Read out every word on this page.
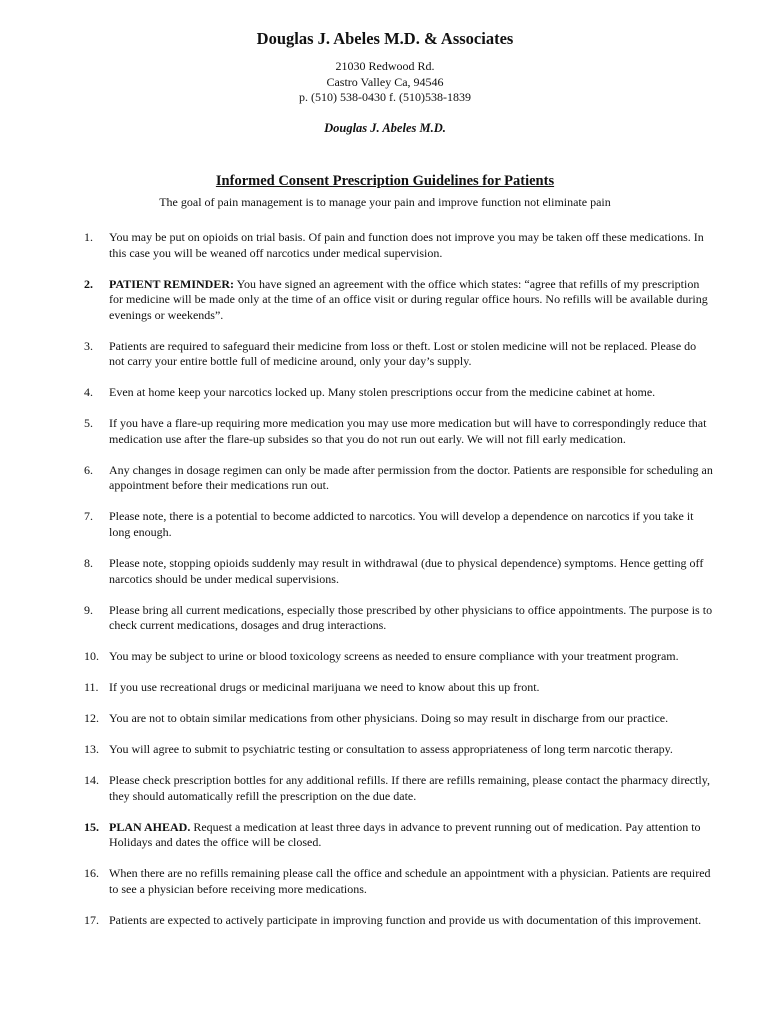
Douglas J. Abeles M.D. & Associates
21030 Redwood Rd.
Castro Valley Ca, 94546
p. (510) 538-0430 f. (510)538-1839
Douglas J. Abeles M.D.
Informed Consent Prescription Guidelines for Patients

The goal of pain management is to manage your pain and improve function not eliminate pain

1. You may be put on opioids on trial basis. Of pain and function does not improve you may be taken off these medications. In this case you will be weaned off narcotics under medical supervision.
2. PATIENT REMINDER: You have signed an agreement with the office which states: “agree that refills of my prescription for medicine will be made only at the time of an office visit or during regular office hours. No refills will be available during evenings or weekends”.
3. Patients are required to safeguard their medicine from loss or theft. Lost or stolen medicine will not be replaced. Please do not carry your entire bottle full of medicine around, only your day’s supply.
4. Even at home keep your narcotics locked up. Many stolen prescriptions occur from the medicine cabinet at home.
5. If you have a flare-up requiring more medication you may use more medication but will have to correspondingly reduce that medication use after the flare-up subsides so that you do not run out early. We will not fill early medication.
6. Any changes in dosage regimen can only be made after permission from the doctor. Patients are responsible for scheduling an appointment before their medications run out.
7. Please note, there is a potential to become addicted to narcotics. You will develop a dependence on narcotics if you take it long enough.
8. Please note, stopping opioids suddenly may result in withdrawal (due to physical dependence) symptoms. Hence getting off narcotics should be under medical supervisions.
9. Please bring all current medications, especially those prescribed by other physicians to office appointments. The purpose is to check current medications, dosages and drug interactions.
10. You may be subject to urine or blood toxicology screens as needed to ensure compliance with your treatment program.
11. If you use recreational drugs or medicinal marijuana we need to know about this up front.
12. You are not to obtain similar medications from other physicians. Doing so may result in discharge from our practice.
13. You will agree to submit to psychiatric testing or consultation to assess appropriateness of long term narcotic therapy.
14. Please check prescription bottles for any additional refills. If there are refills remaining, please contact the pharmacy directly, they should automatically refill the prescription on the due date.
15. PLAN AHEAD. Request a medication at least three days in advance to prevent running out of medication. Pay attention to Holidays and dates the office will be closed.
16. When there are no refills remaining please call the office and schedule an appointment with a physician. Patients are required to see a physician before receiving more medications.
17. Patients are expected to actively participate in improving function and provide us with documentation of this improvement.
